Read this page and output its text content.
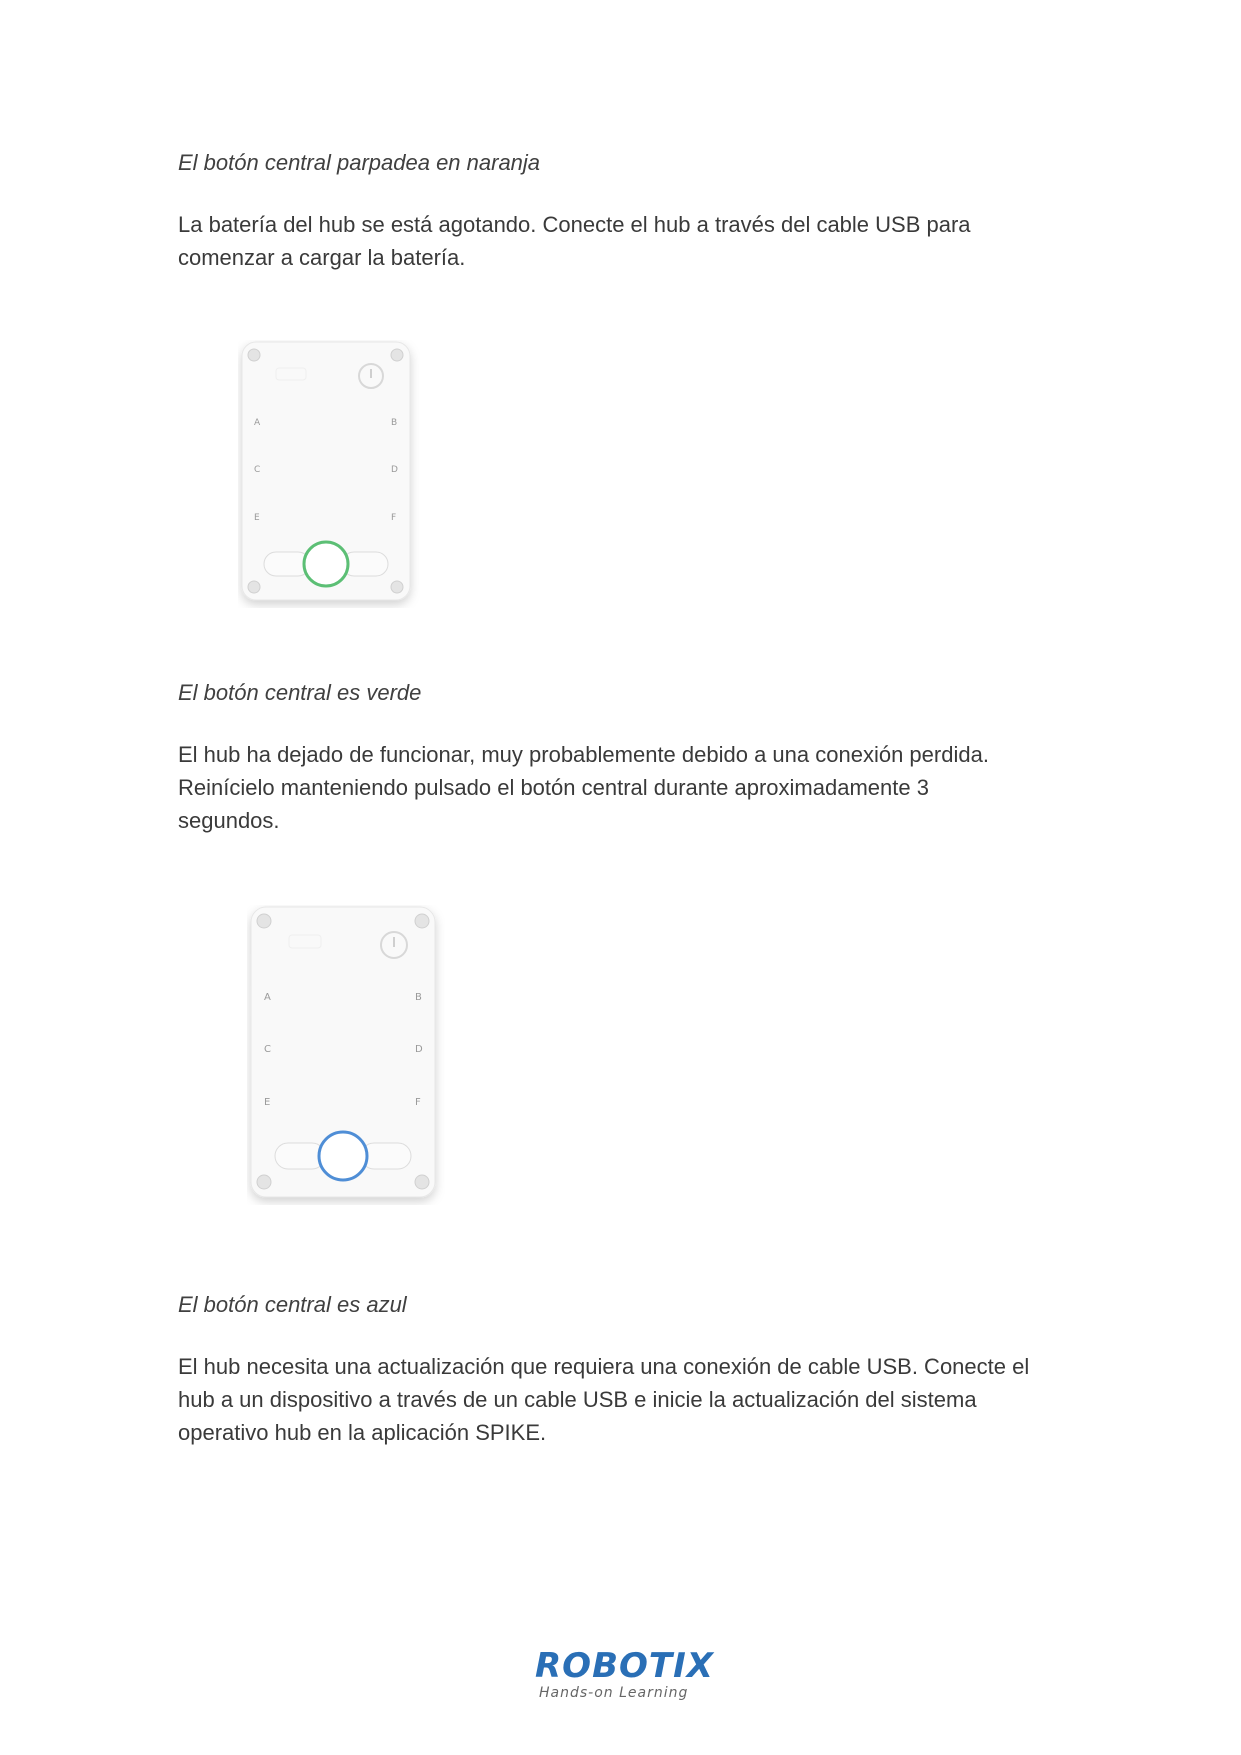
El botón central parpadea en naranja

La batería del hub se está agotando. Conecte el hub a través del cable USB para
comenzar a cargar la batería.

A	B
C	D
E	F

El botón central es verde

El hub ha dejado de funcionar, muy probablemente debido a una conexión perdida.
Reinícielo manteniendo pulsado el botón central durante aproximadamente 3
segundos.

A	B
C	D
E	F

El botón central es azul

El hub necesita una actualización que requiera una conexión de cable USB. Conecte el
hub a un dispositivo a través de un cable USB e inicie la actualización del sistema
operativo hub en la aplicación SPIKE.

ROBOTIX
Hands-on Learning
